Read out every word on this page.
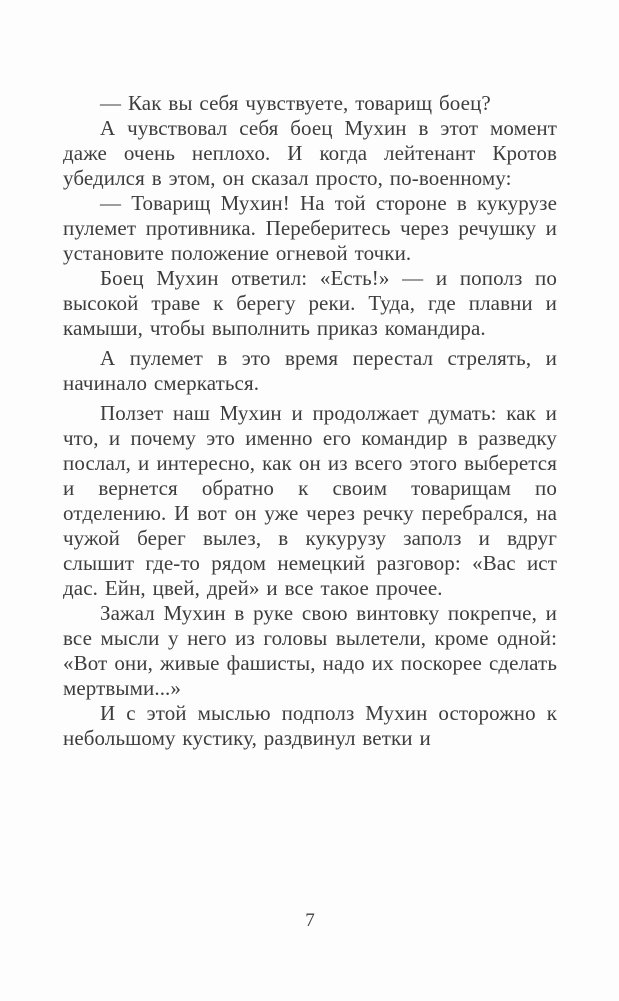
— Как вы себя чувствуете, товарищ боец?

А чувствовал себя боец Мухин в этот момент даже очень неплохо. И когда лейтенант Кротов убедился в этом, он сказал просто, по-военному:

— Товарищ Мухин! На той стороне в кукурузе пулемет противника. Переберитесь через речушку и установите положение огневой точки.

Боец Мухин ответил: «Есть!» — и пополз по высокой траве к берегу реки. Туда, где плавни и камыши, чтобы выполнить приказ командира.

А пулемет в это время перестал стрелять, и начинало смеркаться.

Ползет наш Мухин и продолжает думать: как и что, и почему это именно его командир в разведку послал, и интересно, как он из всего этого выберется и вернется обратно к своим товарищам по отделению. И вот он уже через речку перебрался, на чужой берег вылез, в кукурузу заполз и вдруг слышит где-то рядом немецкий разговор: «Вас ист дас. Ейн, цвей, дрей» и все такое прочее.

Зажал Мухин в руке свою винтовку покрепче, и все мысли у него из головы вылетели, кроме одной: «Вот они, живые фашисты, надо их поскорее сделать мертвыми...»

И с этой мыслью подполз Мухин осторожно к небольшому кустику, раздвинул ветки и

7
